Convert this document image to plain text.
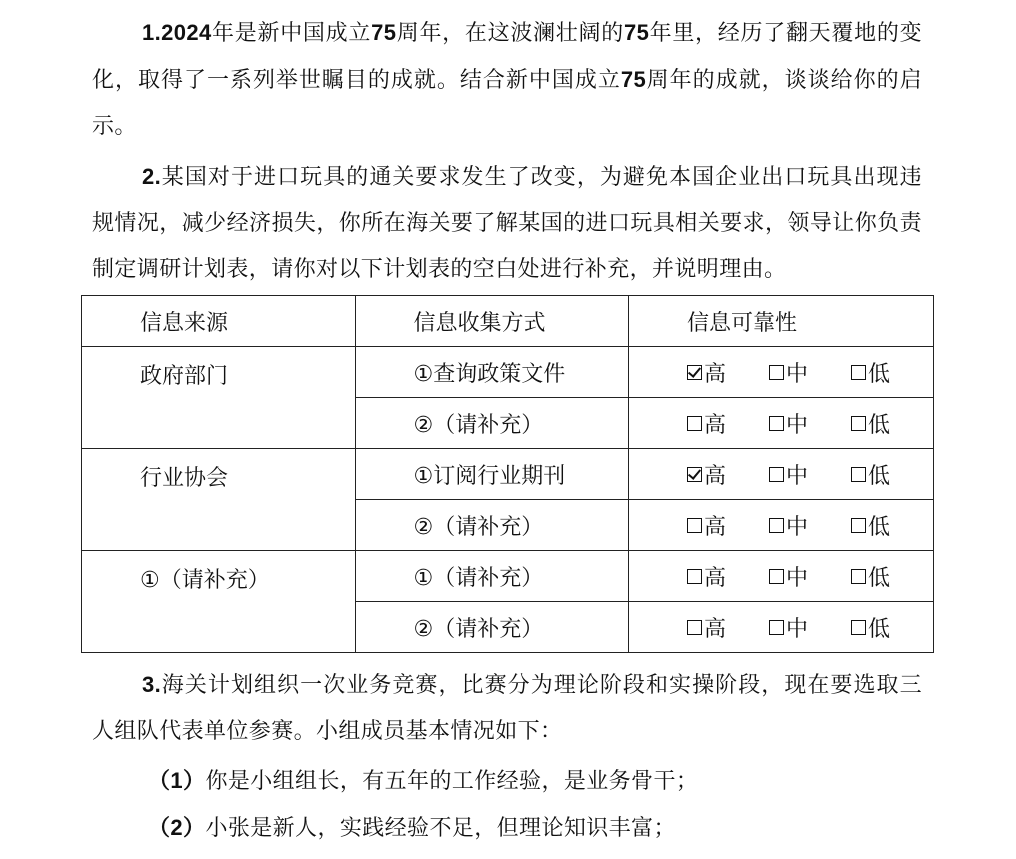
1.2024年是新中国成立75周年，在这波澜壮阔的75年里，经历了翻天覆地的变化，取得了一系列举世瞩目的成就。结合新中国成立75周年的成就，谈谈给你的启示。
2.某国对于进口玩具的通关要求发生了改变，为避免本国企业出口玩具出现违规情况，减少经济损失，你所在海关要了解某国的进口玩具相关要求，领导让你负责制定调研计划表，请你对以下计划表的空白处进行补充，并说明理由。
信息来源	信息收集方式	信息可靠性

政府部门	①查询政策文件	高 中 低

	②（请补充）	高 中 低

行业协会	①订阅行业期刊	高 中 低

	②（请补充）	高 中 低

①（请补充）	①（请补充）	高 中 低

	②（请补充）	高 中 低
3.海关计划组织一次业务竞赛，比赛分为理论阶段和实操阶段，现在要选取三人组队代表单位参赛。小组成员基本情况如下：
（1）你是小组组长，有五年的工作经验，是业务骨干；
（2）小张是新人，实践经验不足，但理论知识丰富；
